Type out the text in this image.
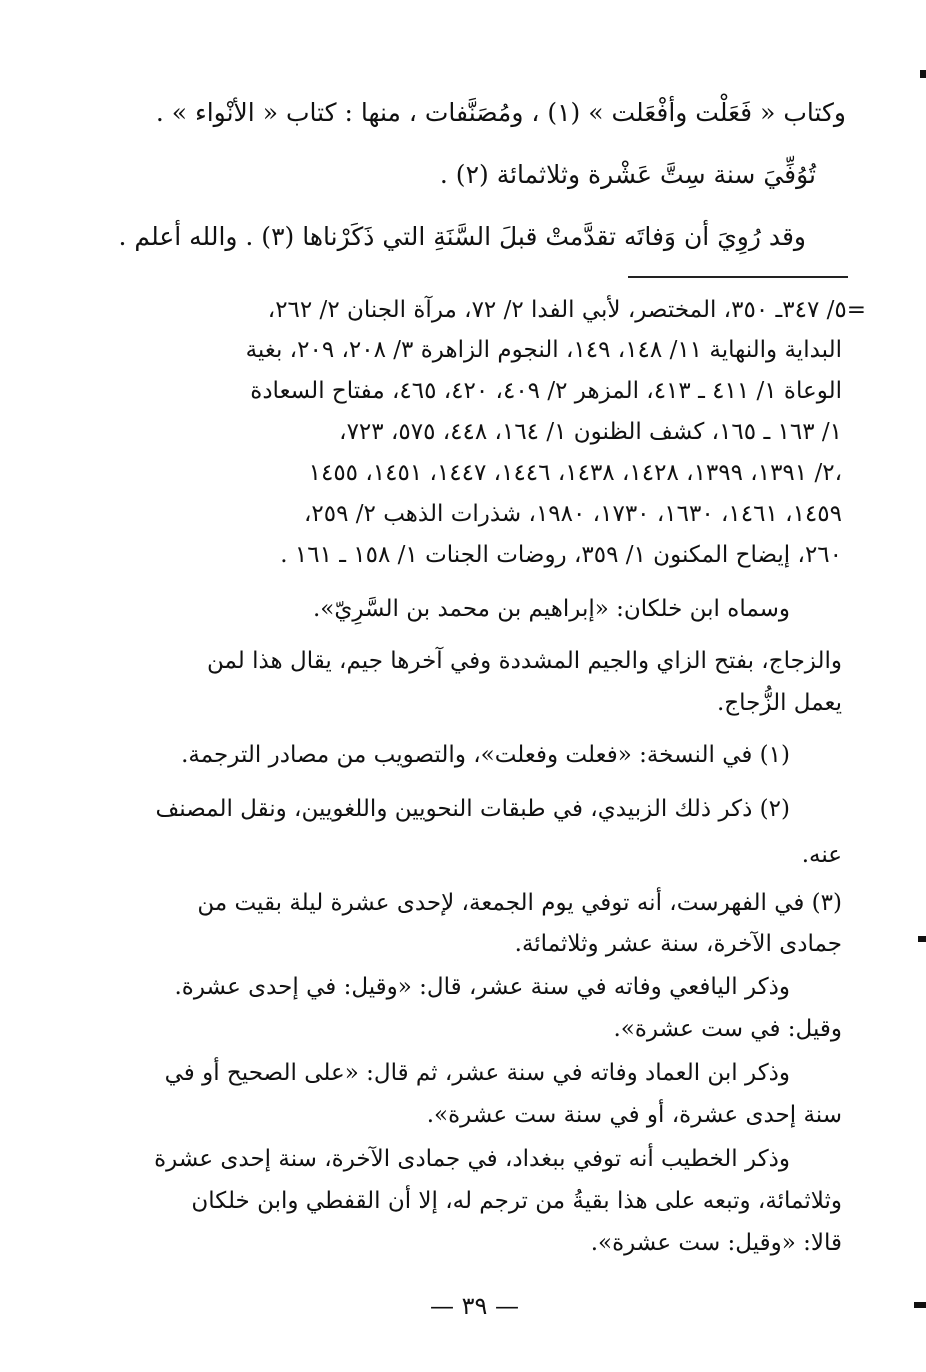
وكتاب « فَعَلْت وأفْعَلت » (١) ، ومُصَنَّفات ، منها : كتاب « الأنْواء » .
تُوُفِّيَ سنة سِتَّ عَشْرة وثلاثمائة (٢) .
وقد رُوِيَ أن وَفاتَه تقدَّمتْ قبلَ السَّنَةِ التي ذَكَرْناها (٣) . والله أعلم .
=٥/ ٣٤٧ـ ٣٥٠، المختصر، لأبي الفدا ٢/ ٧٢، مرآة الجنان ٢/ ٢٦٢،
البداية والنهاية ١١/ ١٤٨، ١٤٩، النجوم الزاهرة ٣/ ٢٠٨، ٢٠٩، بغية
الوعاة ١/ ٤١١ ـ ٤١٣، المزهر ٢/ ٤٠٩، ٤٢٠، ٤٦٥، مفتاح السعادة
١/ ١٦٣ ـ ١٦٥، كشف الظنون ١/ ١٦٤، ٤٤٨، ٥٧٥، ٧٢٣،
٢/ ١٣٩١، ١٣٩٩، ١٤٢٨، ١٤٣٨، ١٤٤٦، ١٤٤٧، ١٤٥١، ١٤٥٥،
١٤٥٩، ١٤٦١، ١٦٣٠، ١٧٣٠، ١٩٨٠، شذرات الذهب ٢/ ٢٥٩،
٢٦٠، إيضاح المكنون ١/ ٣٥٩، روضات الجنات ١/ ١٥٨ ـ ١٦١ .
وسماه ابن خلكان: «إبراهيم بن محمد بن السَّرِيّ».
والزجاج، بفتح الزاي والجيم المشددة وفي آخرها جيم، يقال هذا لمن
يعمل الزُّجاج.
(١) في النسخة: «فعلت وفعلت»، والتصويب من مصادر الترجمة.
(٢) ذكر ذلك الزبيدي، في طبقات النحويين واللغويين، ونقل المصنف
عنه.
(٣) في الفهرست، أنه توفي يوم الجمعة، لإحدى عشرة ليلة بقيت من
جمادى الآخرة، سنة عشر وثلاثمائة.
وذكر اليافعي وفاته في سنة عشر، قال: «وقيل: في إحدى عشرة.
وقيل: في ست عشرة».
وذكر ابن العماد وفاته في سنة عشر، ثم قال: «على الصحيح أو في
سنة إحدى عشرة، أو في سنة ست عشرة».
وذكر الخطيب أنه توفي ببغداد، في جمادى الآخرة، سنة إحدى عشرة
وثلاثمائة، وتبعه على هذا بقيةُ من ترجم له، إلا أن القفطي وابن خلكان
قالا: «وقيل: ست عشرة».
— ٣٩ —
